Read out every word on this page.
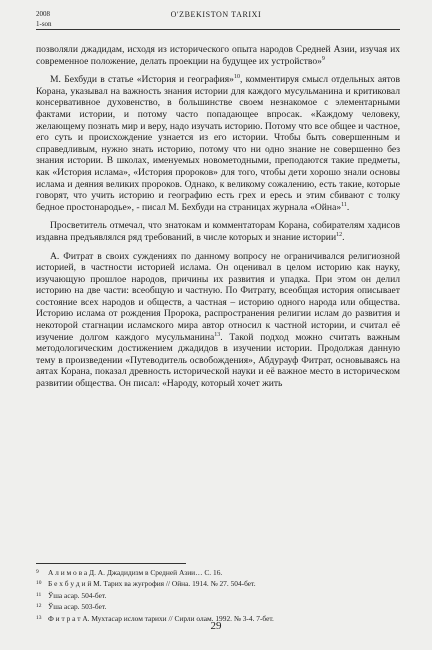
2008
1-son
O'ZBEKISTON TARIXI

позволяли джадидам, исходя из исторического опыта народов Средней Азии, изучая их современное положение, делать проекции на будущее их устройство»$^9$

М. Бехбуди в статье «История и география»$^{10}$, комментируя смысл отдельных аятов Корана, указывал на важность знания истории для каждого мусульманина и критиковал консервативное духовенство, в большинстве своем незнакомое с элементарными фактами истории, и потому часто попадающее впросак. «Каждому человеку, желающему познать мир и веру, надо изучать историю. Потому что все общее и частное, его суть и происхождение узнается из его истории. Чтобы быть совершенным и справедливым, нужно знать историю, потому что ни одно знание не совершенно без знания истории. В школах, именуемых новометодными, преподаются такие предметы, как «История ислама», «История пророков» для того, чтобы дети хорошо знали основы ислама и деяния великих пророков. Однако, к великому сожалению, есть такие, которые говорят, что учить историю и географию есть грех и ересь и этим сбивают с толку бедное простонародье», - писал М. Бехбуди на страницах журнала «Ойна»$^{11}$.

Просветитель отмечал, что знатокам и комментаторам Корана, собирателям хадисов издавна предъявлялся ряд требований, в числе которых и знание истории$^{12}$.

А. Фитрат в своих суждениях по данному вопросу не ограничивался религиозной историей, в частности историей ислама. Он оценивал в целом историю как науку, изучающую прошлое народов, причины их развития и упадка. При этом он делил историю на две части: всеобщую и частную. По Фитрату, всеобщая история описывает состояние всех народов и обществ, а частная – историю одного народа или общества. Историю ислама от рождения Пророка, распространения религии ислам до развития и некоторой стагнации исламского мира автор относил к частной истории, и считал её изучение долгом каждого мусульманина$^{13}$. Такой подход можно считать важным методологическим достижением джадидов в изучении истории. Продолжая данную тему в произведении «Путеводитель освобождения», Абдурауф Фитрат, основываясь на аятах Корана, показал древность исторической науки и её важное место в историческом развитии общества. Он писал: «Народу, который хочет жить

9 А л и м о в а Д. А. Джадидизм в Средней Азии… С. 16.
10 Б е х б у д и й М. Тарих ва жуғрофия // Ойна. 1914. № 27. 504-бет.
11 Ўша асар. 504-бет.
12 Ўша асар. 503-бет.
13 Ф и т р а т А. Мухтасар ислом тарихи // Сирли олам. 1992. № 3-4. 7-бет.
29
